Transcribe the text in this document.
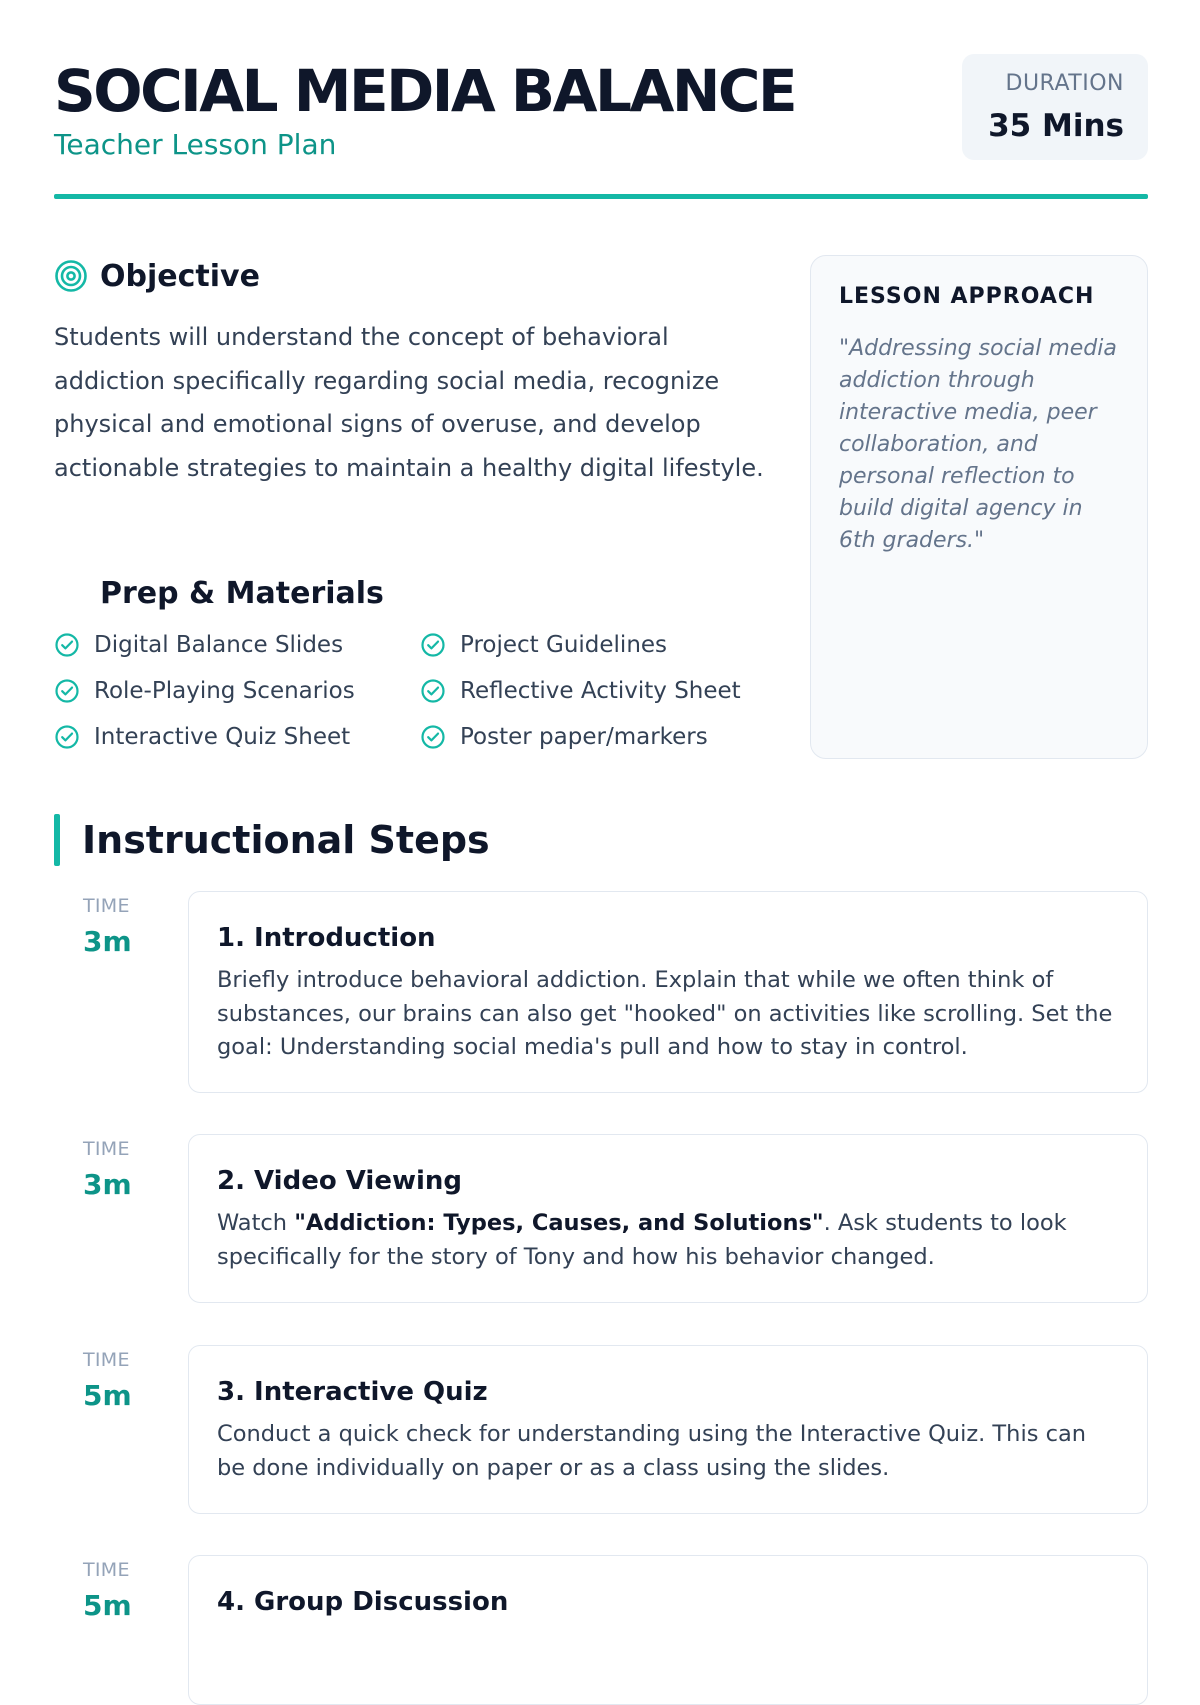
SOCIAL MEDIA BALANCE
Teacher Lesson Plan
DURATION
35 Mins
Objective
Students will understand the concept of behavioral addiction specifically regarding social media, recognize physical and emotional signs of overuse, and develop actionable strategies to maintain a healthy digital lifestyle.
Prep & Materials
Digital Balance Slides	Project Guidelines
Role-Playing Scenarios	Reflective Activity Sheet
Interactive Quiz Sheet	Poster paper/markers
LESSON APPROACH
"Addressing social media addiction through interactive media, peer collaboration, and personal reflection to build digital agency in 6th graders."
Instructional Steps
TIME
3m	1. Introduction
Briefly introduce behavioral addiction. Explain that while we often think of substances, our brains can also get "hooked" on activities like scrolling. Set the goal: Understanding social media's pull and how to stay in control.
TIME
3m	2. Video Viewing
Watch "Addiction: Types, Causes, and Solutions". Ask students to look specifically for the story of Tony and how his behavior changed.
TIME
5m	3. Interactive Quiz
Conduct a quick check for understanding using the Interactive Quiz. This can be done individually on paper or as a class using the slides.
TIME
5m	4. Group Discussion
